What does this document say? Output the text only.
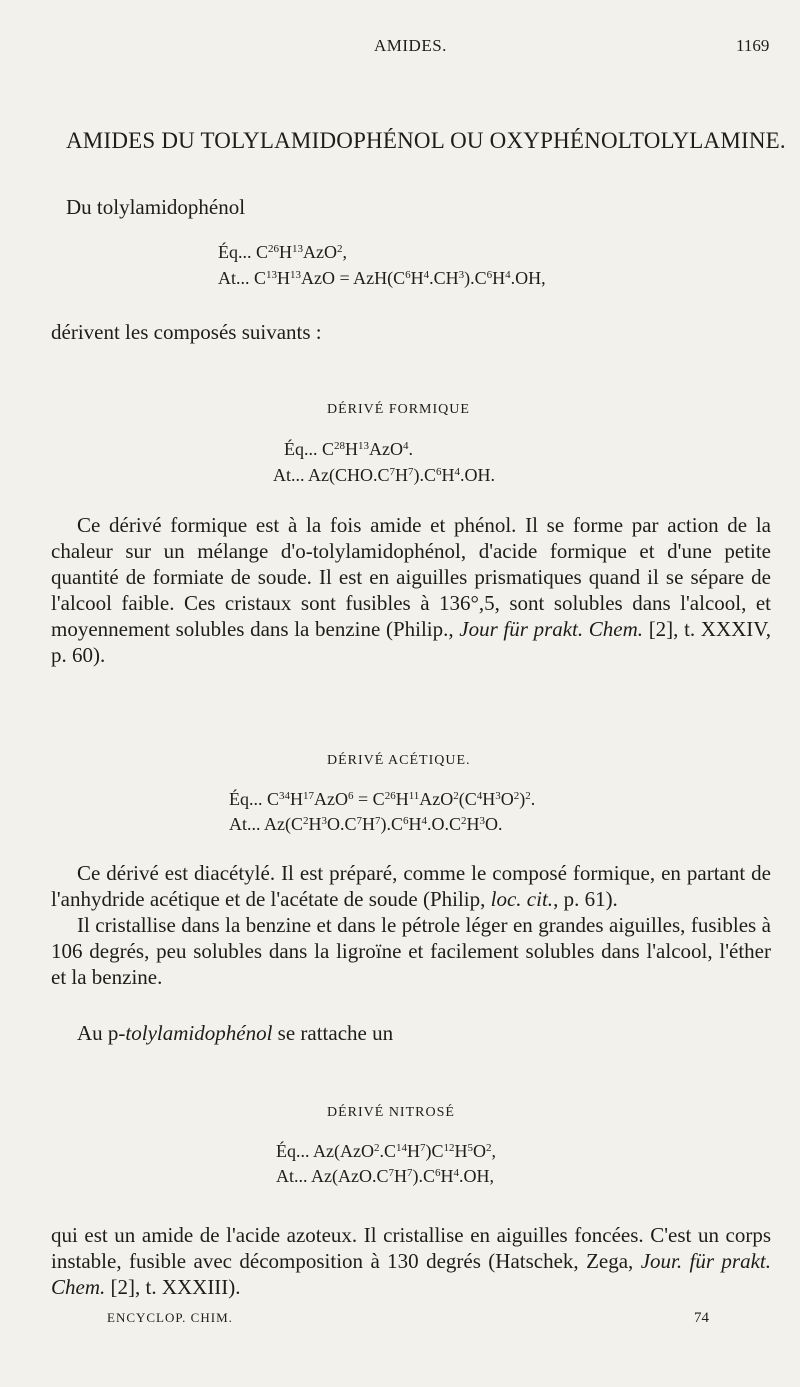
AMIDES.	1169
AMIDES DU TOLYLAMIDOPHÉNOL OU OXYPHÉNOLTOLYLAMINE.
Du tolylamidophénol
Éq... $C^{26}H^{13}AzO^2$,
At... $C^{13}H^{13}AzO = AzH(C^6H^4.CH^3).C^6H^4.OH$,
dérivent les composés suivants :
DÉRIVÉ FORMIQUE
Éq... $C^{28}H^{13}AzO^4$.
At... $Az(CHO.C^7H^7).C^6H^4.OH$.
Ce dérivé formique est à la fois amide et phénol. Il se forme par action de la chaleur sur un mélange d'o-tolylamidophénol, d'acide formique et d'une petite quantité de formiate de soude. Il est en aiguilles prismatiques quand il se sépare de l'alcool faible. Ces cristaux sont fusibles à 136°,5, sont solubles dans l'alcool, et moyennement solubles dans la benzine (Philip., Jour für prakt. Chem. [2], t. XXXIV, p. 60).
DÉRIVÉ ACÉTIQUE.
Éq... $C^{34}H^{17}AzO^6 = C^{26}H^{11}AzO^2(C^4H^3O^2)^2$.
At... $Az(C^2H^3O.C^7H^7).C^6H^4.O.C^2H^3O$.
Ce dérivé est diacétylé. Il est préparé, comme le composé formique, en partant de l'anhydride acétique et de l'acétate de soude (Philip, loc. cit., p. 61).
Il cristallise dans la benzine et dans le pétrole léger en grandes aiguilles, fusibles à 106 degrés, peu solubles dans la ligroïne et facilement solubles dans l'alcool, l'éther et la benzine.
Au p-tolylamidophénol se rattache un
DÉRIVÉ NITROSÉ
Éq... $Az(AzO^2.C^{14}H^7)C^{12}H^5O^2$,
At... $Az(AzO.C^7H^7).C^6H^4.OH$,
qui est un amide de l'acide azoteux. Il cristallise en aiguilles foncées. C'est un corps instable, fusible avec décomposition à 130 degrés (Hatschek, Zega, Jour. für prakt. Chem. [2], t. XXXIII).
ENCYCLOP. CHIM.	74
